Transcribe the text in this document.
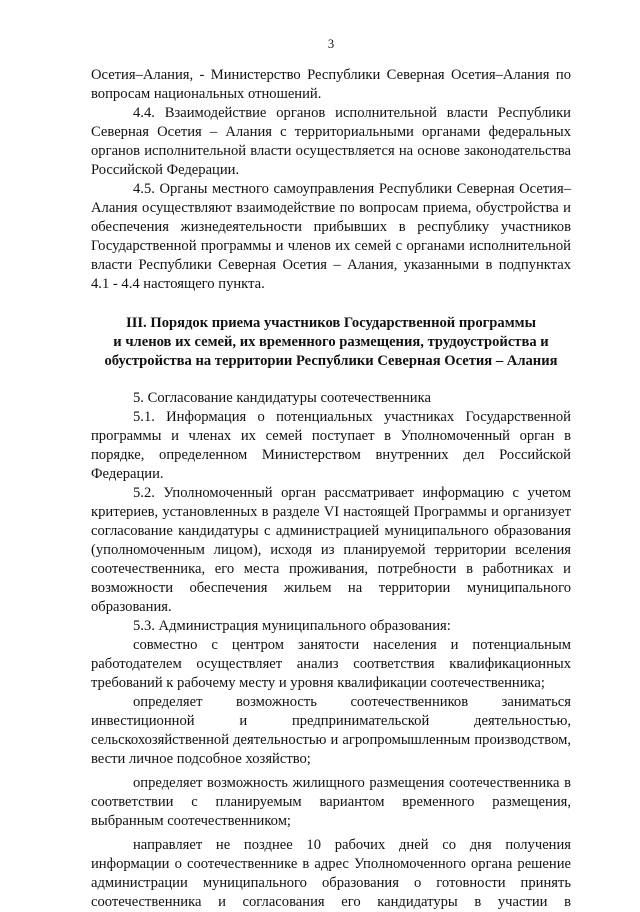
3

Осетия–Алания, - Министерство Республики Северная Осетия–Алания по вопросам национальных отношений.

4.4. Взаимодействие органов исполнительной власти Республики Северная Осетия – Алания с территориальными органами федеральных органов исполнительной власти осуществляется на основе законодательства Российской Федерации.

4.5. Органы местного самоуправления Республики Северная Осетия–Алания осуществляют взаимодействие по вопросам приема, обустройства и обеспечения жизнедеятельности прибывших в республику участников Государственной программы и членов их семей с органами исполнительной власти Республики Северная Осетия – Алания, указанными в подпунктах 4.1 - 4.4 настоящего пункта.

III. Порядок приема участников Государственной программы
и членов их семей, их временного размещения, трудоустройства и
обустройства на территории Республики Северная Осетия – Алания

5. Согласование кандидатуры соотечественника

5.1. Информация о потенциальных участниках Государственной программы и членах их семей поступает в Уполномоченный орган в порядке, определенном Министерством внутренних дел Российской Федерации.

5.2. Уполномоченный орган рассматривает информацию с учетом критериев, установленных в разделе VI настоящей Программы и организует согласование кандидатуры с администрацией муниципального образования (уполномоченным лицом), исходя из планируемой территории вселения соотечественника, его места проживания, потребности в работниках и возможности обеспечения жильем на территории муниципального образования.

5.3. Администрация муниципального образования:

совместно с центром занятости населения и потенциальным работодателем осуществляет анализ соответствия квалификационных требований к рабочему месту и уровня квалификации соотечественника;

определяет возможность соотечественников заниматься инвестиционной и предпринимательской деятельностью, сельскохозяйственной деятельностью и агропромышленным производством, вести личное подсобное хозяйство;

определяет возможность жилищного размещения соотечественника в соответствии с планируемым вариантом временного размещения, выбранным соотечественником;

направляет не позднее 10 рабочих дней со дня получения информации о соотечественнике в адрес Уполномоченного органа решение администрации муниципального образования о готовности принять соотечественника и согласования его кандидатуры в участии в
